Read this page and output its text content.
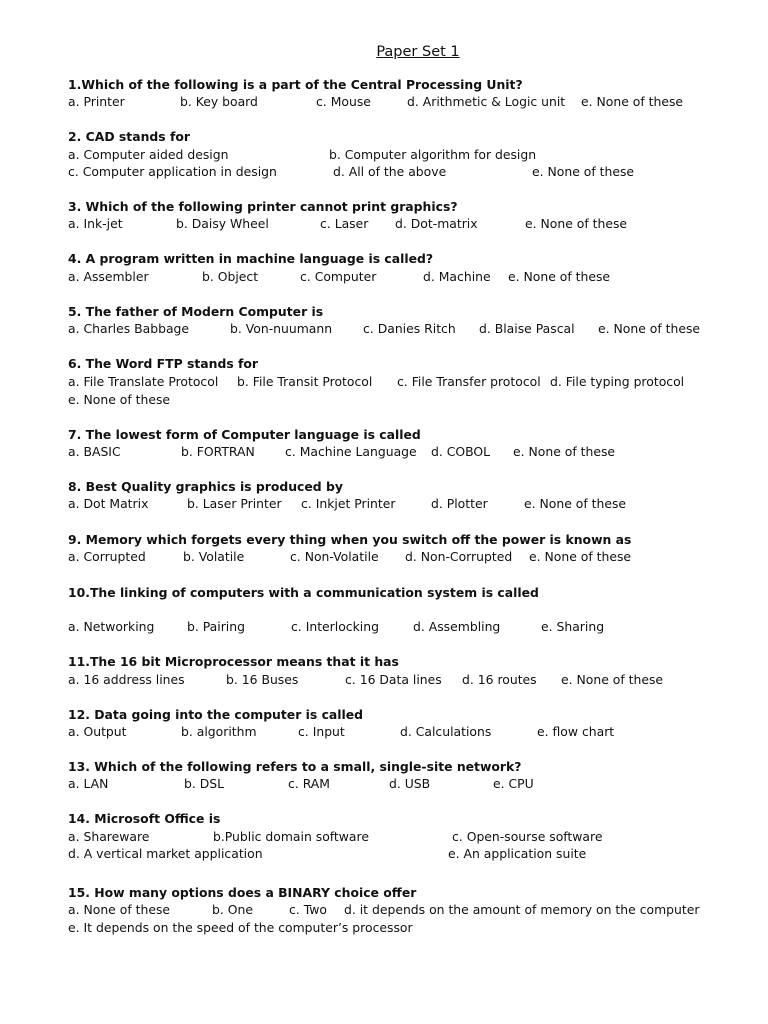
Paper Set 1
1.Which of the following is a part of the Central Processing Unit?
a. Printer	b. Key board	c. Mouse	d. Arithmetic & Logic unit e. None of these
2. CAD stands for
a. Computer aided design	b. Computer algorithm for design
c. Computer application in design	d. All of the above	e. None of these
3. Which of the following printer cannot print graphics?
a. Ink-jet	b. Daisy Wheel	c. Laser d. Dot-matrix	e. None of these
4. A program written in machine language is called?
a. Assembler	b. Object	c. Computer	d. Machine e. None of these
5. The father of Modern Computer is
a. Charles Babbage	b. Von-nuumann c. Danies Ritch d. Blaise Pascal e. None of these
6. The Word FTP stands for
a. File Translate Protocol b. File Transit Protocol c. File Transfer protocol d. File typing protocol
e. None of these
7. The lowest form of Computer language is called
a. BASIC	b. FORTRAN c. Machine Language d. COBOL e. None of these
8. Best Quality graphics is produced by
a. Dot Matrix	b. Laser Printer c. Inkjet Printer	d. Plotter	e. None of these
9. Memory which forgets every thing when you switch off the power is known as
a. Corrupted	b. Volatile	c. Non-Volatile d. Non-Corrupted e. None of these
10.The linking of computers with a communication system is called
a. Networking	b. Pairing	c. Interlocking	d. Assembling	e. Sharing
11.The 16 bit Microprocessor means that it has
a. 16 address lines	b. 16 Buses	c. 16 Data lines d. 16 routes e. None of these
12. Data going into the computer is called
a. Output	b. algorithm	c. Input	d. Calculations	e. flow chart
13. Which of the following refers to a small, single-site network?
a. LAN	b. DSL	c. RAM	d. USB	e. CPU
14. Microsoft Office is
a. Shareware	b.Public domain software	c. Open-sourse software
d. A vertical market application	e. An application suite
15. How many options does a BINARY choice offer
a. None of these	b. One	c. Two d. it depends on the amount of memory on the computer
e. It depends on the speed of the computer’s processor
